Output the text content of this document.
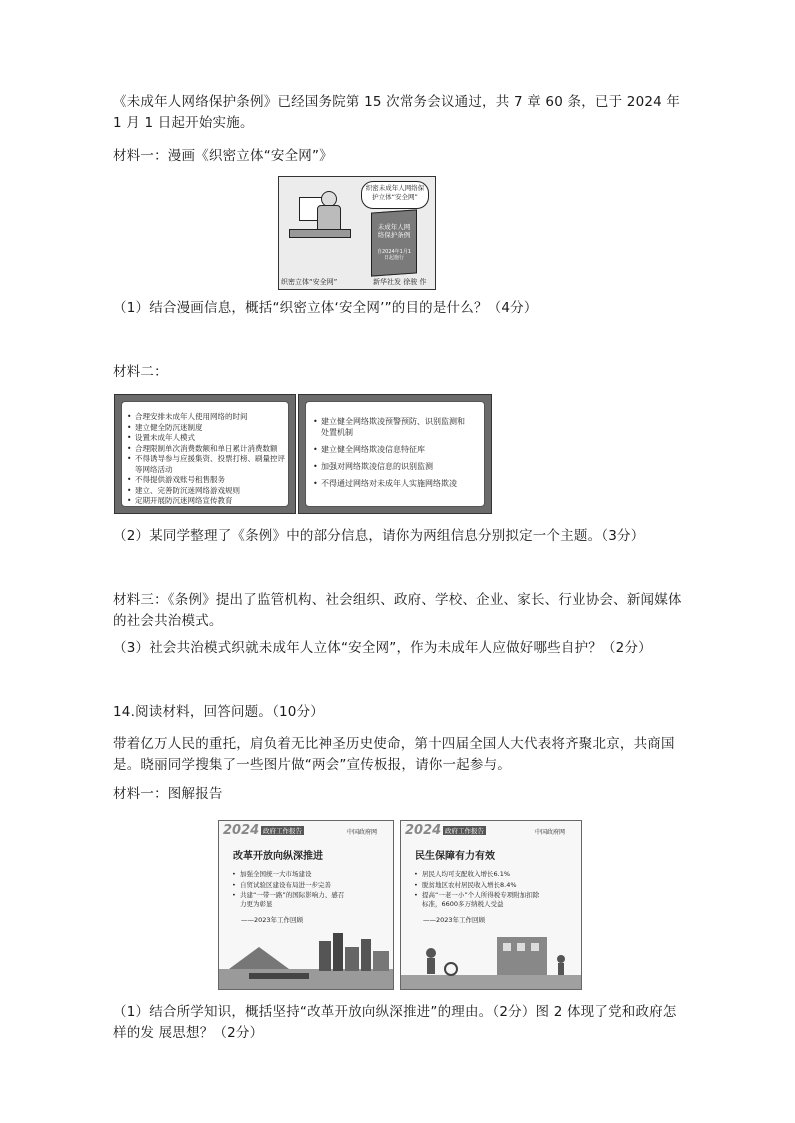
《未成年人网络保护条例》已经国务院第 15 次常务会议通过，共 7 章 60 条，已于 2024 年 1 月 1 日起开始实施。
材料一：漫画《织密立体“安全网”》
织密未成年人网络保护立体“安全网”
未成年人网络保护条例
自2024年1月1日起施行
织密立体“安全网”	新华社发 徐骏 作
（1）结合漫画信息，概括“织密立体‘安全网’”的目的是什么？（4分）
材料二：
• 合理安排未成年人使用网络的时间
• 建立健全防沉迷制度
• 设置未成年人模式
• 合理限制单次消费数额和单日累计消费数额
• 不得诱导参与应援集资、投票打榜、刷量控评等网络活动
• 不得提供游戏账号租售服务
• 建立、完善防沉迷网络游戏规则
• 定期开展防沉迷网络宣传教育
• 建立健全网络欺凌预警预防、识别监测和处置机制
• 建立健全网络欺凌信息特征库
• 加强对网络欺凌信息的识别监测
• 不得通过网络对未成年人实施网络欺凌
（2）某同学整理了《条例》中的部分信息，请你为两组信息分别拟定一个主题。（3分）
材料三：《条例》提出了监管机构、社会组织、政府、学校、企业、家长、行业协会、新闻媒体的社会共治模式。
（3）社会共治模式织就未成年人立体“安全网”，作为未成年人应做好哪些自护？（2分）
14.阅读材料，回答问题。（10分）
带着亿万人民的重托，肩负着无比神圣历史使命，第十四届全国人大代表将齐聚北京，共商国是。晓丽同学搜集了一些图片做“两会”宣传板报，请你一起参与。
材料一：图解报告
2024 政府工作报告	中国政府网
改革开放向纵深推进
• 加强全国统一大市场建设
• 自贸试验区建设布局进一步完善
• 共建“一带一路”的国际影响力、感召力更为彰显
——2023年工作回顾
2024 政府工作报告	中国政府网
民生保障有力有效
• 居民人均可支配收入增长6.1%
• 脱贫地区农村居民收入增长8.4%
• 提高“一老一小”个人所得税专项附加扣除标准，6600多万纳税人受益
——2023年工作回顾
（1）结合所学知识，概括坚持“改革开放向纵深推进”的理由。（2分）图 2 体现了党和政府怎样的发 展思想？（2分）
